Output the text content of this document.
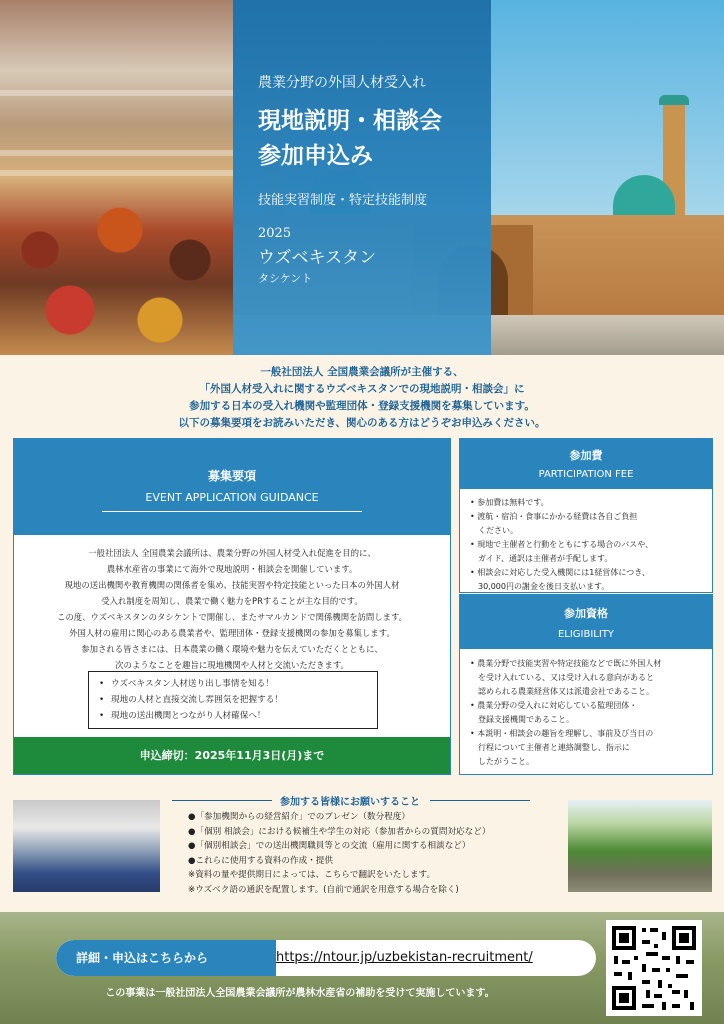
農業分野の外国人材受入れ

現地説明・相談会
参加申込み

技能実習制度・特定技能制度

2025

ウズベキスタン

タシケント

一般社団法人 全国農業会議所が主催する、
「外国人材受入れに関するウズベキスタンでの現地説明・相談会」に
参加する日本の受入れ機関や監理団体・登録支援機関を募集しています。
以下の募集要項をお読みいただき、関心のある方はどうぞお申込みください。
募集要項
EVENT APPLICATION GUIDANCE
一般社団法人 全国農業会議所は、農業分野の外国人材受入れ促進を目的に、
農林水産省の事業にて海外で現地説明・相談会を開催しています。
現地の送出機関や教育機関の関係者を集め、技能実習や特定技能といった日本の外国人材
受入れ制度を周知し、農業で働く魅力をPRすることが主な目的です。
この度、ウズベキスタンのタシケントで開催し、またサマルカンドで関係機関を訪問します。
外国人材の雇用に関心のある農業者や、監理団体・登録支援機関の参加を募集します。
参加される皆さまには、日本農業の働く環境や魅力を伝えていただくとともに、
次のようなことを趣旨に現地機関や人材と交流いただきます。
• ウズベキスタン人材送り出し事情を知る！
• 現地の人材と直接交流し雰囲気を把握する！
• 現地の送出機関とつながり人材確保へ！
申込締切：2025年11月3日(月)まで
参加費
PARTICIPATION FEE
• 参加費は無料です。
• 渡航・宿泊・食事にかかる経費は各自ご負担
　ください。
• 現地で主催者と行動をともにする場合のバスや、
　ガイド、通訳は主催者が手配します。
• 相談会に対応した受入機関には1経営体につき、
　30,000円の謝金を後日支払います。
参加資格
ELIGIBILITY
• 農業分野で技能実習や特定技能などで既に外国人材
　を受け入れている、又は受け入れる意向があると
　認められる農業経営体又は派遣会社であること。
• 農業分野の受入れに対応している監理団体・
　登録支援機関であること。
• 本説明・相談会の趣旨を理解し、事前及び当日の
　行程について主催者と連絡調整し、指示に
　したがうこと。
参加する皆様にお願いすること
●「参加機関からの経営紹介」でのプレゼン（数分程度）
●「個別 相談会」における候補生や学生の対応（参加者からの質問対応など）
●「個別相談会」での送出機関職員等との交流（雇用に関する相談など）
●これらに使用する資料の作成・提供
※資料の量や提供期日によっては、こちらで翻訳をいたします。
※ウズベク語の通訳を配置します。(自前で通訳を用意する場合を除く)
詳細・申込はこちらから	https://ntour.jp/uzbekistan-recruitment/
この事業は一般社団法人全国農業会議所が農林水産省の補助を受けて実施しています。
